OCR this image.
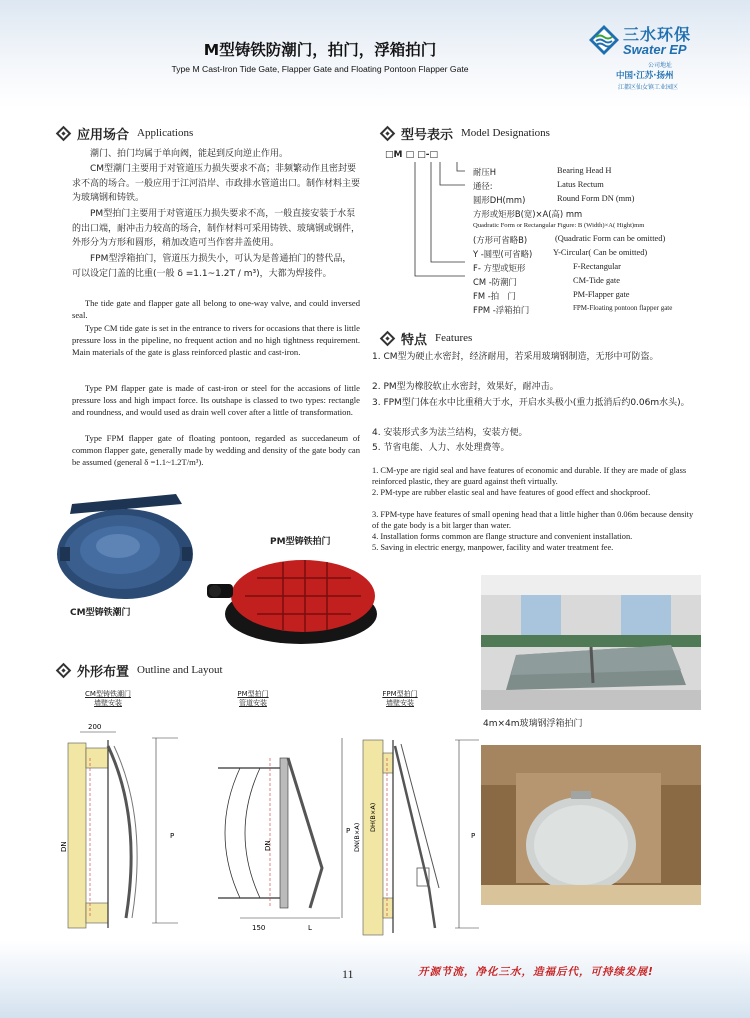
M型铸铁防潮门，拍门，浮箱拍门
Type M Cast-Iron Tide Gate, Flapper Gate and Floating Pontoon Flapper Gate
三水环保
Swater EP
公司地址
中国·江苏·扬州
江都区仙女镇工业园区
应用场合 Applications
潮门、拍门均属于单向阀，能起到反向逆止作用。
CM型潮门主要用于对管道压力损失要求不高；非频繁动作且密封要求不高的场合。一般应用于江河沿岸、市政排水管道出口。制作材料主要为玻璃钢和铸铁。
PM型拍门主要用于对管道压力损失要求不高，一般直接安装于水泵的出口端，耐冲击力较高的场合，制作材料可采用铸铁、玻璃钢或钢件，外形分为方形和圆形，稍加改造可当作窖井盖使用。
FPM型浮箱拍门，管道压力损失小，可认为是普通拍门的替代品，可以设定门盖的比重(一般 δ =1.1~1.2T / m³)，大都为焊接件。
The tide gate and flapper gate all belong to one-way valve, and could inversed seal.
Type CM tide gate is set in the entrance to rivers for occasions that there is little pressure loss in the pipeline, no frequent action and no high tightness requirement. Main materials of the gate is glass reinforced plastic and cast-iron.
Type PM flapper gate is made of cast-iron or steel for the accasions of little pressure loss and high impact force. Its outshape is classed to two types: rectangle and roundness, and would used as drain well cover after a little of transformation.
Type FPM flapper gate of floating pontoon, regarded as succedaneum of common flapper gate, generally made by wedding and density of the gate body can be assumed (general δ =1.1~1.2T/m³).
型号表示 Model Designations
□M □ □-□
耐压H	Bearing Head H
通径:	Latus Rectum
圆形DH(mm)	Round Form DN (mm)
方形或矩形B(宽)×A(高) mm
Quadratic Form or Rectangular Figure: B (Width)×A( Hight)mm
(方形可省略B)	(Quadratic Form can be omitted)
Y -圆型(可省略) Y-Circular( Can be omitted)
F- 方型或矩形	F-Rectangular
CM -防潮门	CM-Tide gate
FM -拍　门	PM-Flapper gate
FPM -浮箱拍门	FPM-Floating pontoon flapper gate
特点 Features
1. CM型为硬止水密封，经济耐用，若采用玻璃钢制造，无形中可防盗。
2. PM型为橡胶软止水密封，效果好，耐冲击。
3. FPM型门体在水中比重稍大于水，开启水头极小(重力抵消后约0.06m水头)。
4. 安装形式多为法兰结构，安装方便。
5. 节省电能、人力、水处理费等。
1. CM-ype are rigid seal and have features of economic and durable. If they are made of glass reinforced plastic, they are guard against theft virtually.
2. PM-type are rubber elastic seal and have features of good effect and shockproof.
3. FPM-type have features of small opening head that a little higher than 0.06m because density of the gate body is a bit larger than water.
4. Installation forms common are flange structure and convenient installation.
5. Saving in electric energy, manpower, facility and water treatment fee.
CM型铸铁潮门
PM型铸铁拍门
4m×4m玻璃钢浮箱拍门
外形布置 Outline and Layout
CM型铸铁潮门
墙壁安装
PM型拍门
管道安装
FPM型拍门
墙壁安装
200
DN
P
DN
P
150	L
DN(B×A)
DH(B×A)
P
11	开源节流，净化三水，造福后代，可持续发展!
